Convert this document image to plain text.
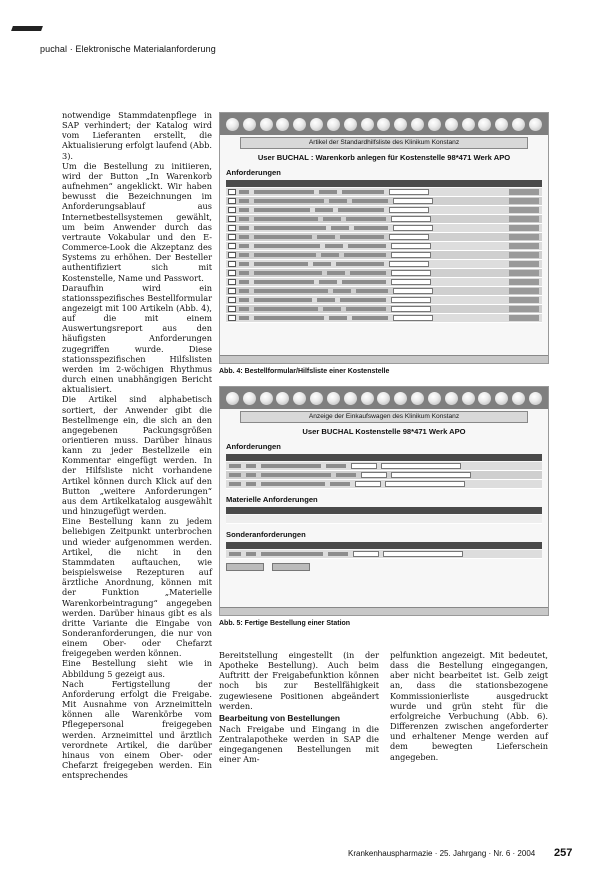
puchal · Elektronische Materialanforderung

notwendige Stammdatenpflege in SAP verhindert; der Katalog wird vom Lieferanten erstellt, die Aktualisierung erfolgt laufend (Abb. 3).

Um die Bestellung zu initiieren, wird der Button „In Warenkorb aufnehmen“ angeklickt. Wir haben bewusst die Bezeichnungen im Anforderungsablauf aus Internetbestellsystemen gewählt, um beim Anwender durch das vertraute Vokabular und den E-Commerce-Look die Akzeptanz des Systems zu erhöhen. Der Besteller authentifiziert sich mit Kostenstelle, Name und Passwort.

Daraufhin wird ein stationsspezifisches Bestellformular angezeigt mit 100 Artikeln (Abb. 4), auf die mit einem Auswertungsreport aus den häufigsten Anforderungen zugegriffen wurde. Diese stationsspezifischen Hilfslisten werden im 2-wöchigen Rhythmus durch einen unabhängigen Bericht aktualisiert.

Die Artikel sind alphabetisch sortiert, der Anwender gibt die Bestellmenge ein, die sich an den angegebenen Packungsgrößen orientieren muss. Darüber hinaus kann zu jeder Bestellzeile ein Kommentar eingefügt werden. In der Hilfsliste nicht vorhandene Artikel können durch Klick auf den Button „weitere Anforderungen“ aus dem Artikelkatalog ausgewählt und hinzugefügt werden.

Eine Bestellung kann zu jedem beliebigen Zeitpunkt unterbrochen und wieder aufgenommen werden. Artikel, die nicht in den Stammdaten auftauchen, wie beispielsweise Rezepturen auf ärztliche Anordnung, können mit der Funktion „Materielle Warenkorbeintragung“ angegeben werden. Darüber hinaus gibt es als dritte Variante die Eingabe von Sonderanforderungen, die nur von einem Ober- oder Chefarzt freigegeben werden können.

Eine Bestellung sieht wie in Abbildung 5 gezeigt aus.

Nach Fertigstellung der Anforderung erfolgt die Freigabe. Mit Ausnahme von Arzneimitteln können alle Warenkörbe vom Pflegepersonal freigegeben werden. Arzneimittel und ärztlich verordnete Artikel, die darüber hinaus von einem Ober- oder Chefarzt freigegeben werden. Ein entsprechendes

Artikel der Standardhilfsliste des Klinikum Konstanz
User BUCHAL : Warenkorb anlegen für Kostenstelle 98*471 Werk APO
Anforderungen
Abb. 4: Bestellformular/Hilfsliste einer Kostenstelle
Anzeige der Einkaufswagen des Klinikum Konstanz
User BUCHAL Kostenstelle 98*471 Werk APO
Anforderungen
Materielle Anforderungen
Sonderanforderungen
Abb. 5: Fertige Bestellung einer Station

Bereitstellung eingestellt (in der Apotheke Bestellung). Auch beim Auftritt der Freigabefunktion können noch bis zur Bestellfähigkeit zugewiesene Positionen abgeändert werden.

Bearbeitung von Bestellungen

Nach Freigabe und Eingang in die Zentralapotheke werden in SAP die eingegangenen Bestellungen mit einer Am-

pelfunktion angezeigt. Mit bedeutet, dass die Bestellung eingegangen, aber nicht bearbeitet ist. Gelb zeigt an, dass die stationsbezogene Kommissionierliste ausgedruckt wurde und grün steht für die erfolgreiche Verbuchung (Abb. 6). Differenzen zwischen angeforderter und erhaltener Menge werden auf dem bewegten Lieferschein angegeben.

Krankenhauspharmazie · 25. Jahrgang · Nr. 6 · 2004 257
